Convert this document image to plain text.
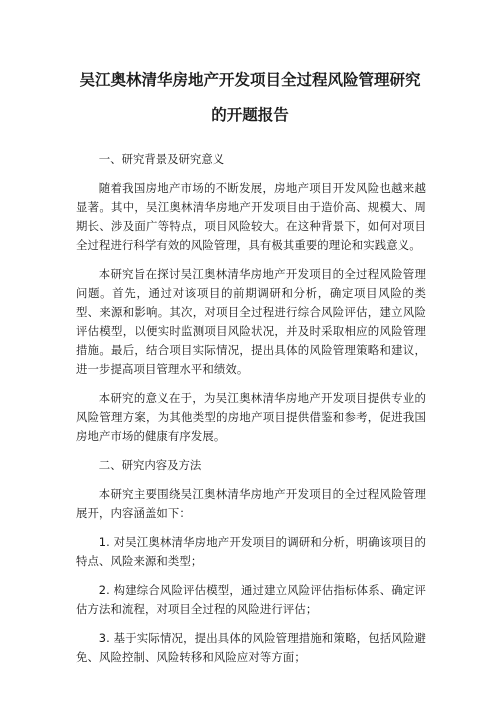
吴江奥林清华房地产开发项目全过程风险管理研究
的开题报告
一、研究背景及研究意义

随着我国房地产市场的不断发展，房地产项目开发风险也越来越显著。其中，吴江奥林清华房地产开发项目由于造价高、规模大、周期长、涉及面广等特点，项目风险较大。在这种背景下，如何对项目全过程进行科学有效的风险管理，具有极其重要的理论和实践意义。

本研究旨在探讨吴江奥林清华房地产开发项目的全过程风险管理问题。首先，通过对该项目的前期调研和分析，确定项目风险的类型、来源和影响。其次，对项目全过程进行综合风险评估，建立风险评估模型，以便实时监测项目风险状况，并及时采取相应的风险管理措施。最后，结合项目实际情况，提出具体的风险管理策略和建议，进一步提高项目管理水平和绩效。

本研究的意义在于，为吴江奥林清华房地产开发项目提供专业的风险管理方案，为其他类型的房地产项目提供借鉴和参考，促进我国房地产市场的健康有序发展。

二、研究内容及方法

本研究主要围绕吴江奥林清华房地产开发项目的全过程风险管理展开，内容涵盖如下：

1. 对吴江奥林清华房地产开发项目的调研和分析，明确该项目的特点、风险来源和类型；

2. 构建综合风险评估模型，通过建立风险评估指标体系、确定评估方法和流程，对项目全过程的风险进行评估；

3. 基于实际情况，提出具体的风险管理措施和策略，包括风险避免、风险控制、风险转移和风险应对等方面；
